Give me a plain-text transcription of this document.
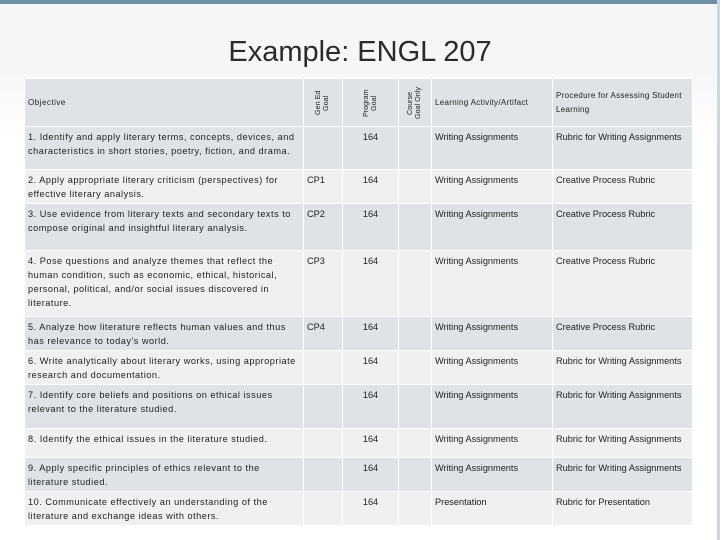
Example: ENGL 207
Objective	Gen Ed Goal	Program Goal	Course Goal Only	Learning Activity/Artifact	Procedure for Assessing Student Learning
1. Identify and apply literary terms, concepts, devices, and characteristics in short stories, poetry, fiction, and drama.		164		Writing Assignments	Rubric for Writing Assignments
2. Apply appropriate literary criticism (perspectives) for effective literary analysis.	CP1	164		Writing Assignments	Creative Process Rubric
3. Use evidence from literary texts and secondary texts to compose original and insightful literary analysis.	CP2	164		Writing Assignments	Creative Process Rubric
4. Pose questions and analyze themes that reflect the human condition, such as economic, ethical, historical, personal, political, and/or social issues discovered in literature.	CP3	164		Writing Assignments	Creative Process Rubric
5. Analyze how literature reflects human values and thus has relevance to today's world.	CP4	164		Writing Assignments	Creative Process Rubric
6. Write analytically about literary works, using appropriate research and documentation.		164		Writing Assignments	Rubric for Writing Assignments
7. Identify core beliefs and positions on ethical issues relevant to the literature studied.		164		Writing Assignments	Rubric for Writing Assignments
8. Identify the ethical issues in the literature studied.		164		Writing Assignments	Rubric for Writing Assignments
9. Apply specific principles of ethics relevant to the literature studied.		164		Writing Assignments	Rubric for Writing Assignments
10. Communicate effectively an understanding of the literature and exchange ideas with others.		164		Presentation	Rubric for Presentation
